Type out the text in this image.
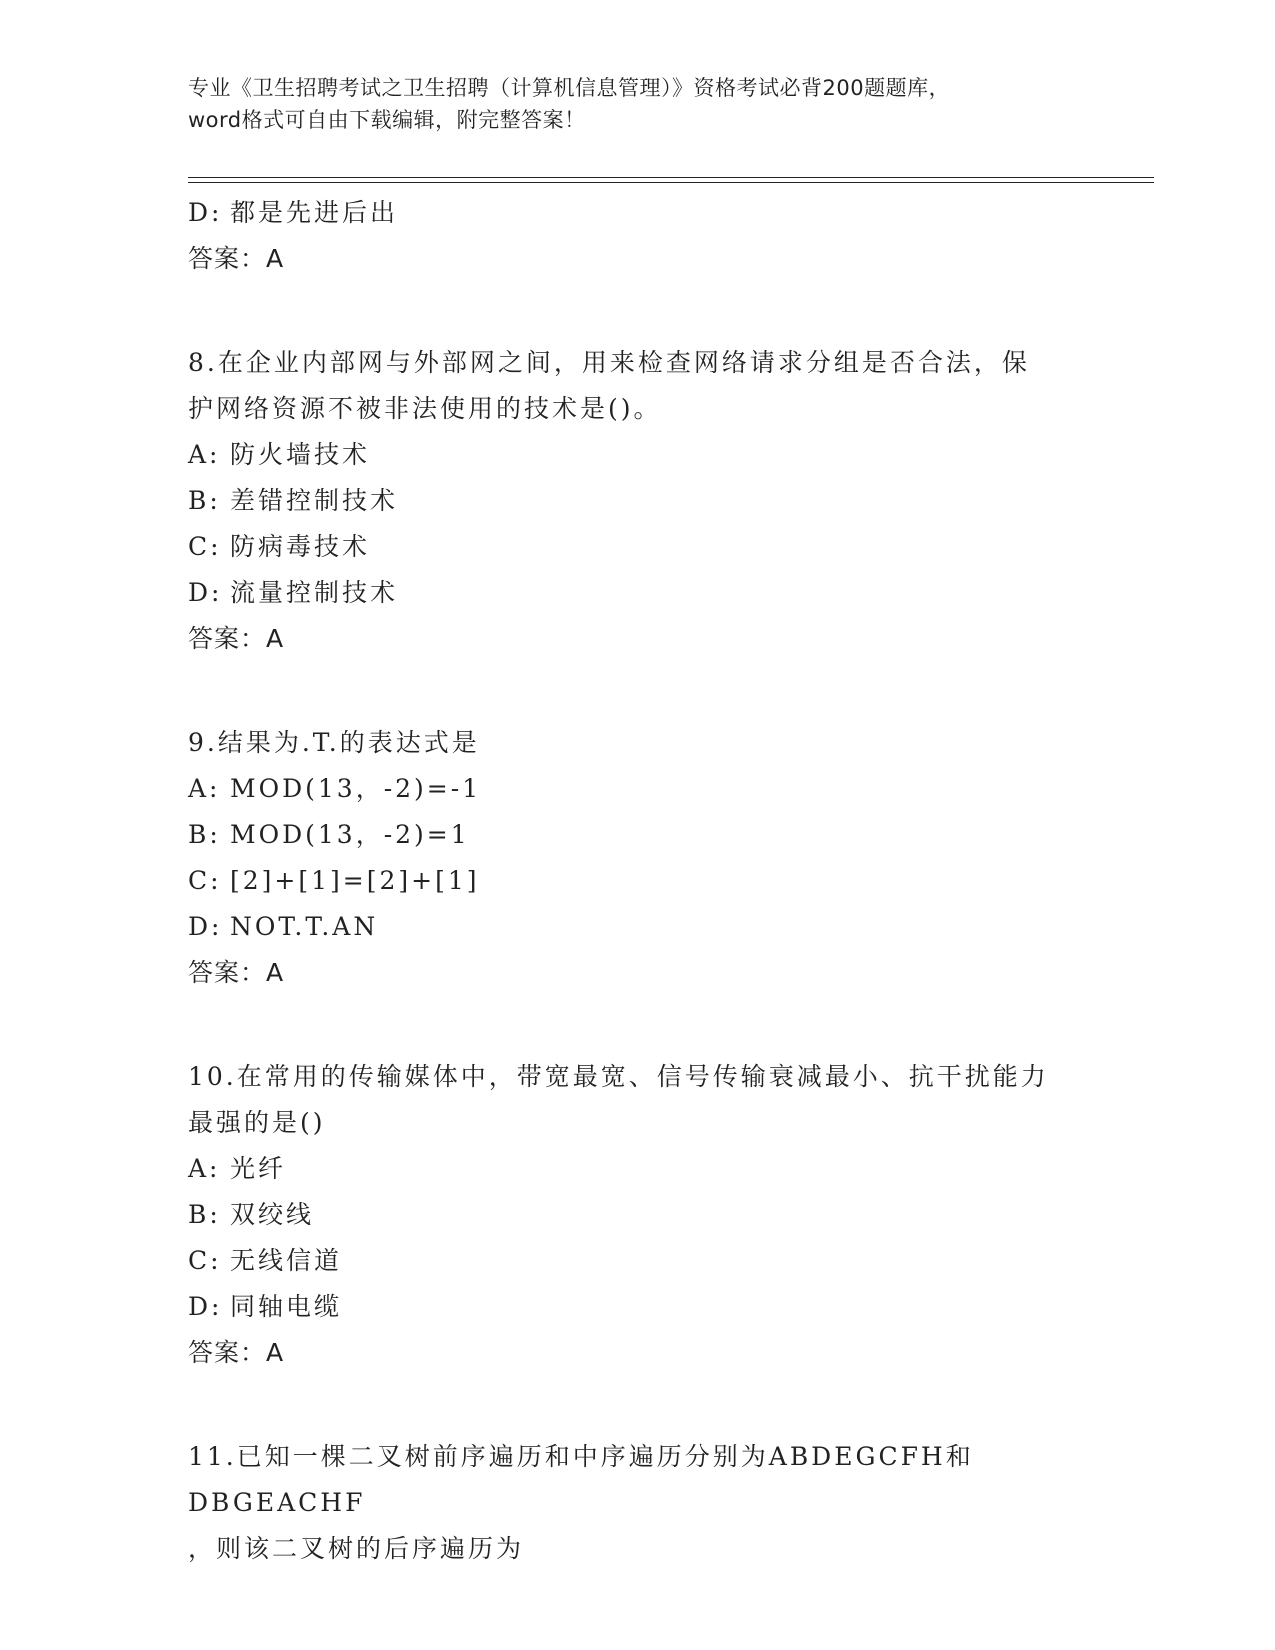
专业《卫生招聘考试之卫生招聘（计算机信息管理）》资格考试必背200题题库，
word格式可自由下载编辑，附完整答案！
D: 都是先进后出
答案：A
8.在企业内部网与外部网之间，用来检查网络请求分组是否合法，保
护网络资源不被非法使用的技术是()。
A: 防火墙技术
B: 差错控制技术
C: 防病毒技术
D: 流量控制技术
答案：A
9.结果为.T.的表达式是
A: MOD(13，-2)=-1
B: MOD(13，-2)=1
C: [2]+[1]=[2]+[1]
D: NOT.T.AN
答案：A
10.在常用的传输媒体中，带宽最宽、信号传输衰减最小、抗干扰能力
最强的是()
A: 光纤
B: 双绞线
C: 无线信道
D: 同轴电缆
答案：A
11.已知一棵二叉树前序遍历和中序遍历分别为ABDEGCFH和DBGEACHF
，则该二叉树的后序遍历为
